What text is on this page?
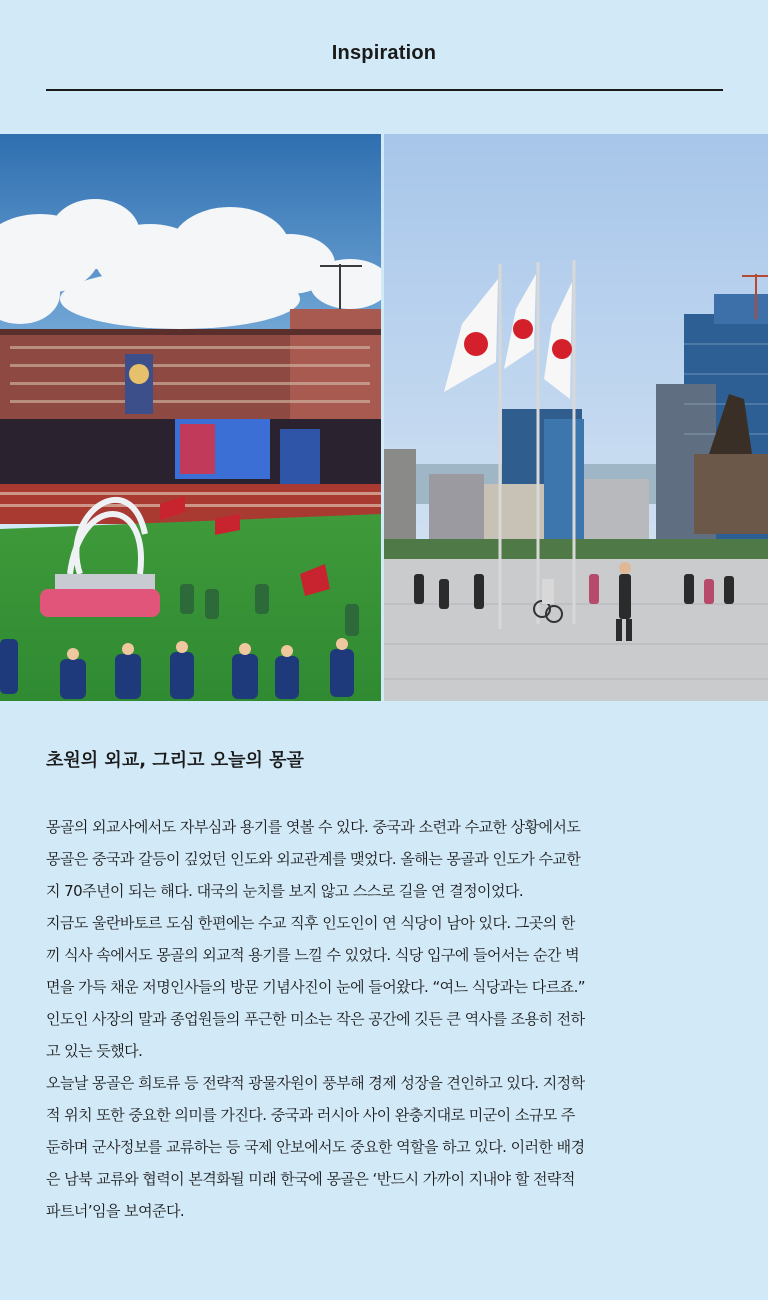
Inspiration
초원의 외교, 그리고 오늘의 몽골
몽골의 외교사에서도 자부심과 용기를 엿볼 수 있다. 중국과 소련과 수교한 상황에서도
몽골은 중국과 갈등이 깊었던 인도와 외교관계를 맺었다. 올해는 몽골과 인도가 수교한
지 70주년이 되는 해다. 대국의 눈치를 보지 않고 스스로 길을 연 결정이었다.
지금도 울란바토르 도심 한편에는 수교 직후 인도인이 연 식당이 남아 있다. 그곳의 한
끼 식사 속에서도 몽골의 외교적 용기를 느낄 수 있었다. 식당 입구에 들어서는 순간 벽
면을 가득 채운 저명인사들의 방문 기념사진이 눈에 들어왔다. “여느 식당과는 다르죠.”
인도인 사장의 말과 종업원들의 푸근한 미소는 작은 공간에 깃든 큰 역사를 조용히 전하
고 있는 듯했다.
오늘날 몽골은 희토류 등 전략적 광물자원이 풍부해 경제 성장을 견인하고 있다. 지정학
적 위치 또한 중요한 의미를 가진다. 중국과 러시아 사이 완충지대로 미군이 소규모 주
둔하며 군사정보를 교류하는 등 국제 안보에서도 중요한 역할을 하고 있다. 이러한 배경
은 남북 교류와 협력이 본격화될 미래 한국에 몽골은 ‘반드시 가까이 지내야 할 전략적
파트너’임을 보여준다.
